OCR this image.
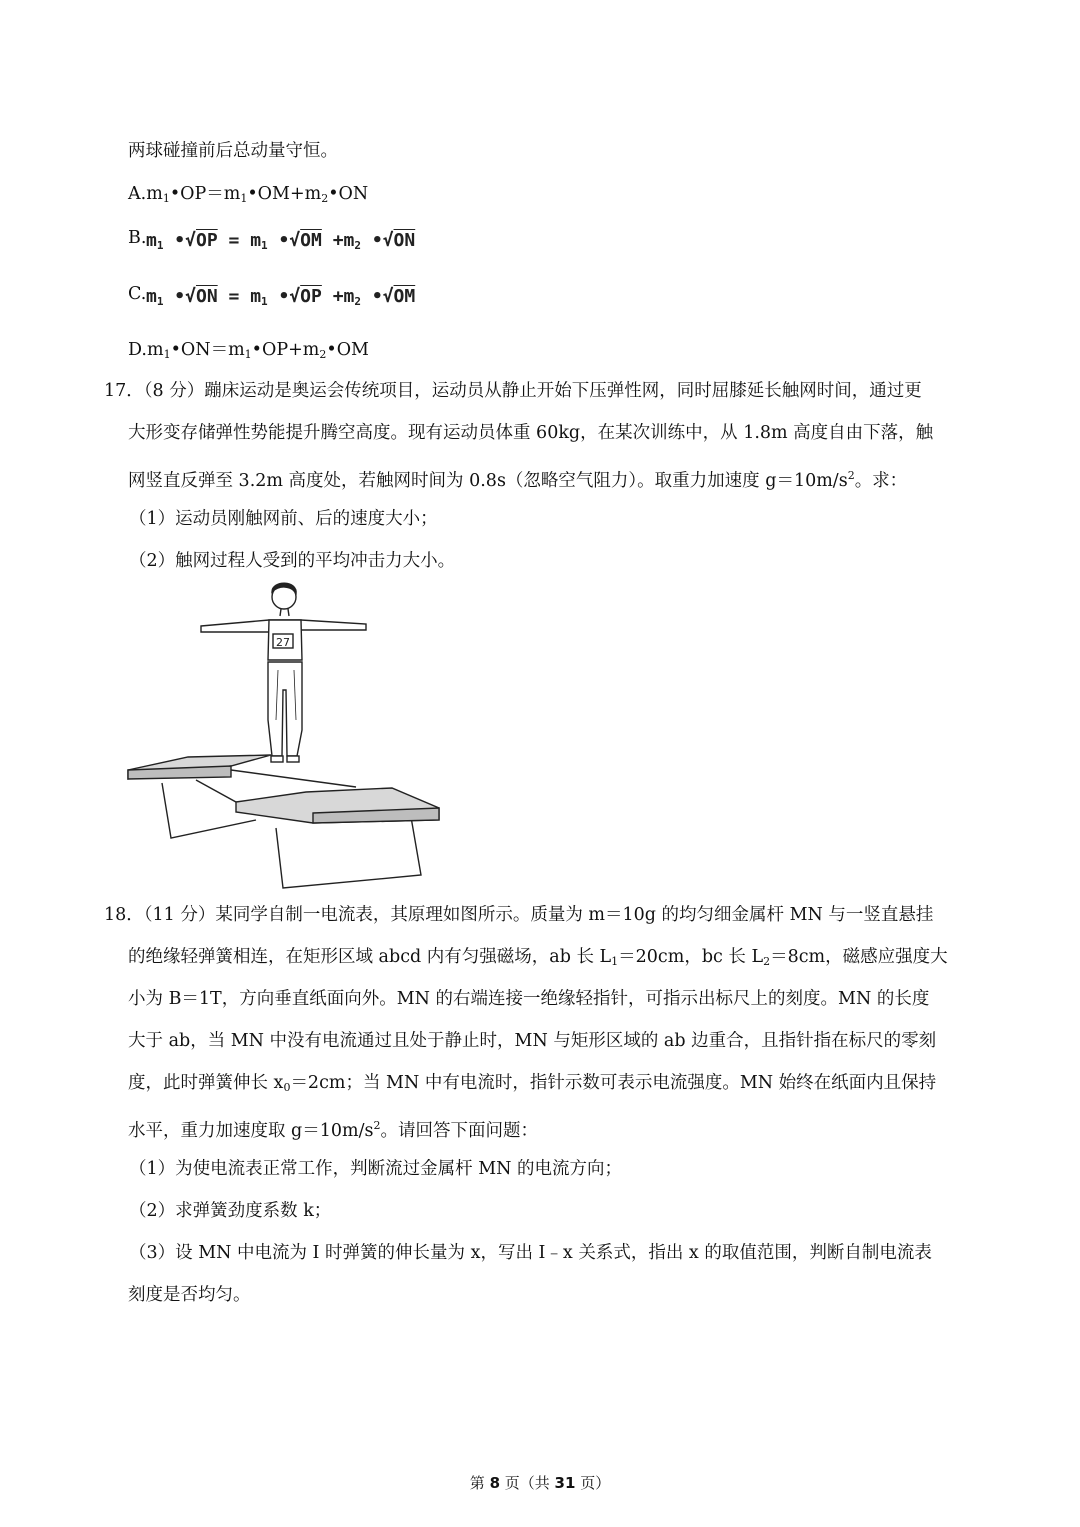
两球碰撞前后总动量守恒。
$A.m_1•OP=m_1•OM+m_2•ON$
B. $m_1$ •√OP = $m_1$ •√OM $+m_2$ •√ON
C. $m_1$ •√ON = $m_1$ •√OP $+m_2$ •√OM
$D.m_1•ON=m_1•OP+m_2•OM$
17．（8 分）蹦床运动是奥运会传统项目，运动员从静止开始下压弹性网，同时屈膝延长触网时间，通过更
大形变存储弹性势能提升腾空高度。现有运动员体重 60kg，在某次训练中，从 1.8m 高度自由下落，触
网竖直反弹至 3.2m 高度处，若触网时间为 0.8s（忽略空气阻力）。取重力加速度 $g=10m/s^2$。求：
（1）运动员刚触网前、后的速度大小；
（2）触网过程人受到的平均冲击力大小。
27
18．（11 分）某同学自制一电流表，其原理如图所示。质量为 m＝10g 的均匀细金属杆 MN 与一竖直悬挂
的绝缘轻弹簧相连，在矩形区域 abcd 内有匀强磁场，ab 长 $L_1=20cm$，bc 长 $L_2=8cm$，磁感应强度大
小为 B＝1T，方向垂直纸面向外。MN 的右端连接一绝缘轻指针，可指示出标尺上的刻度。MN 的长度
大于 ab，当 MN 中没有电流通过且处于静止时，MN 与矩形区域的 ab 边重合，且指针指在标尺的零刻
度，此时弹簧伸长 $x_0=2cm$；当 MN 中有电流时，指针示数可表示电流强度。MN 始终在纸面内且保持
水平，重力加速度取 $g=10m/s^2$。请回答下面问题：
（1）为使电流表正常工作，判断流过金属杆 MN 的电流方向；
（2）求弹簧劲度系数 k；
（3）设 MN 中电流为 I 时弹簧的伸长量为 x，写出 I﹣x 关系式，指出 x 的取值范围，判断自制电流表
刻度是否均匀。
第 8 页（共 31 页）
